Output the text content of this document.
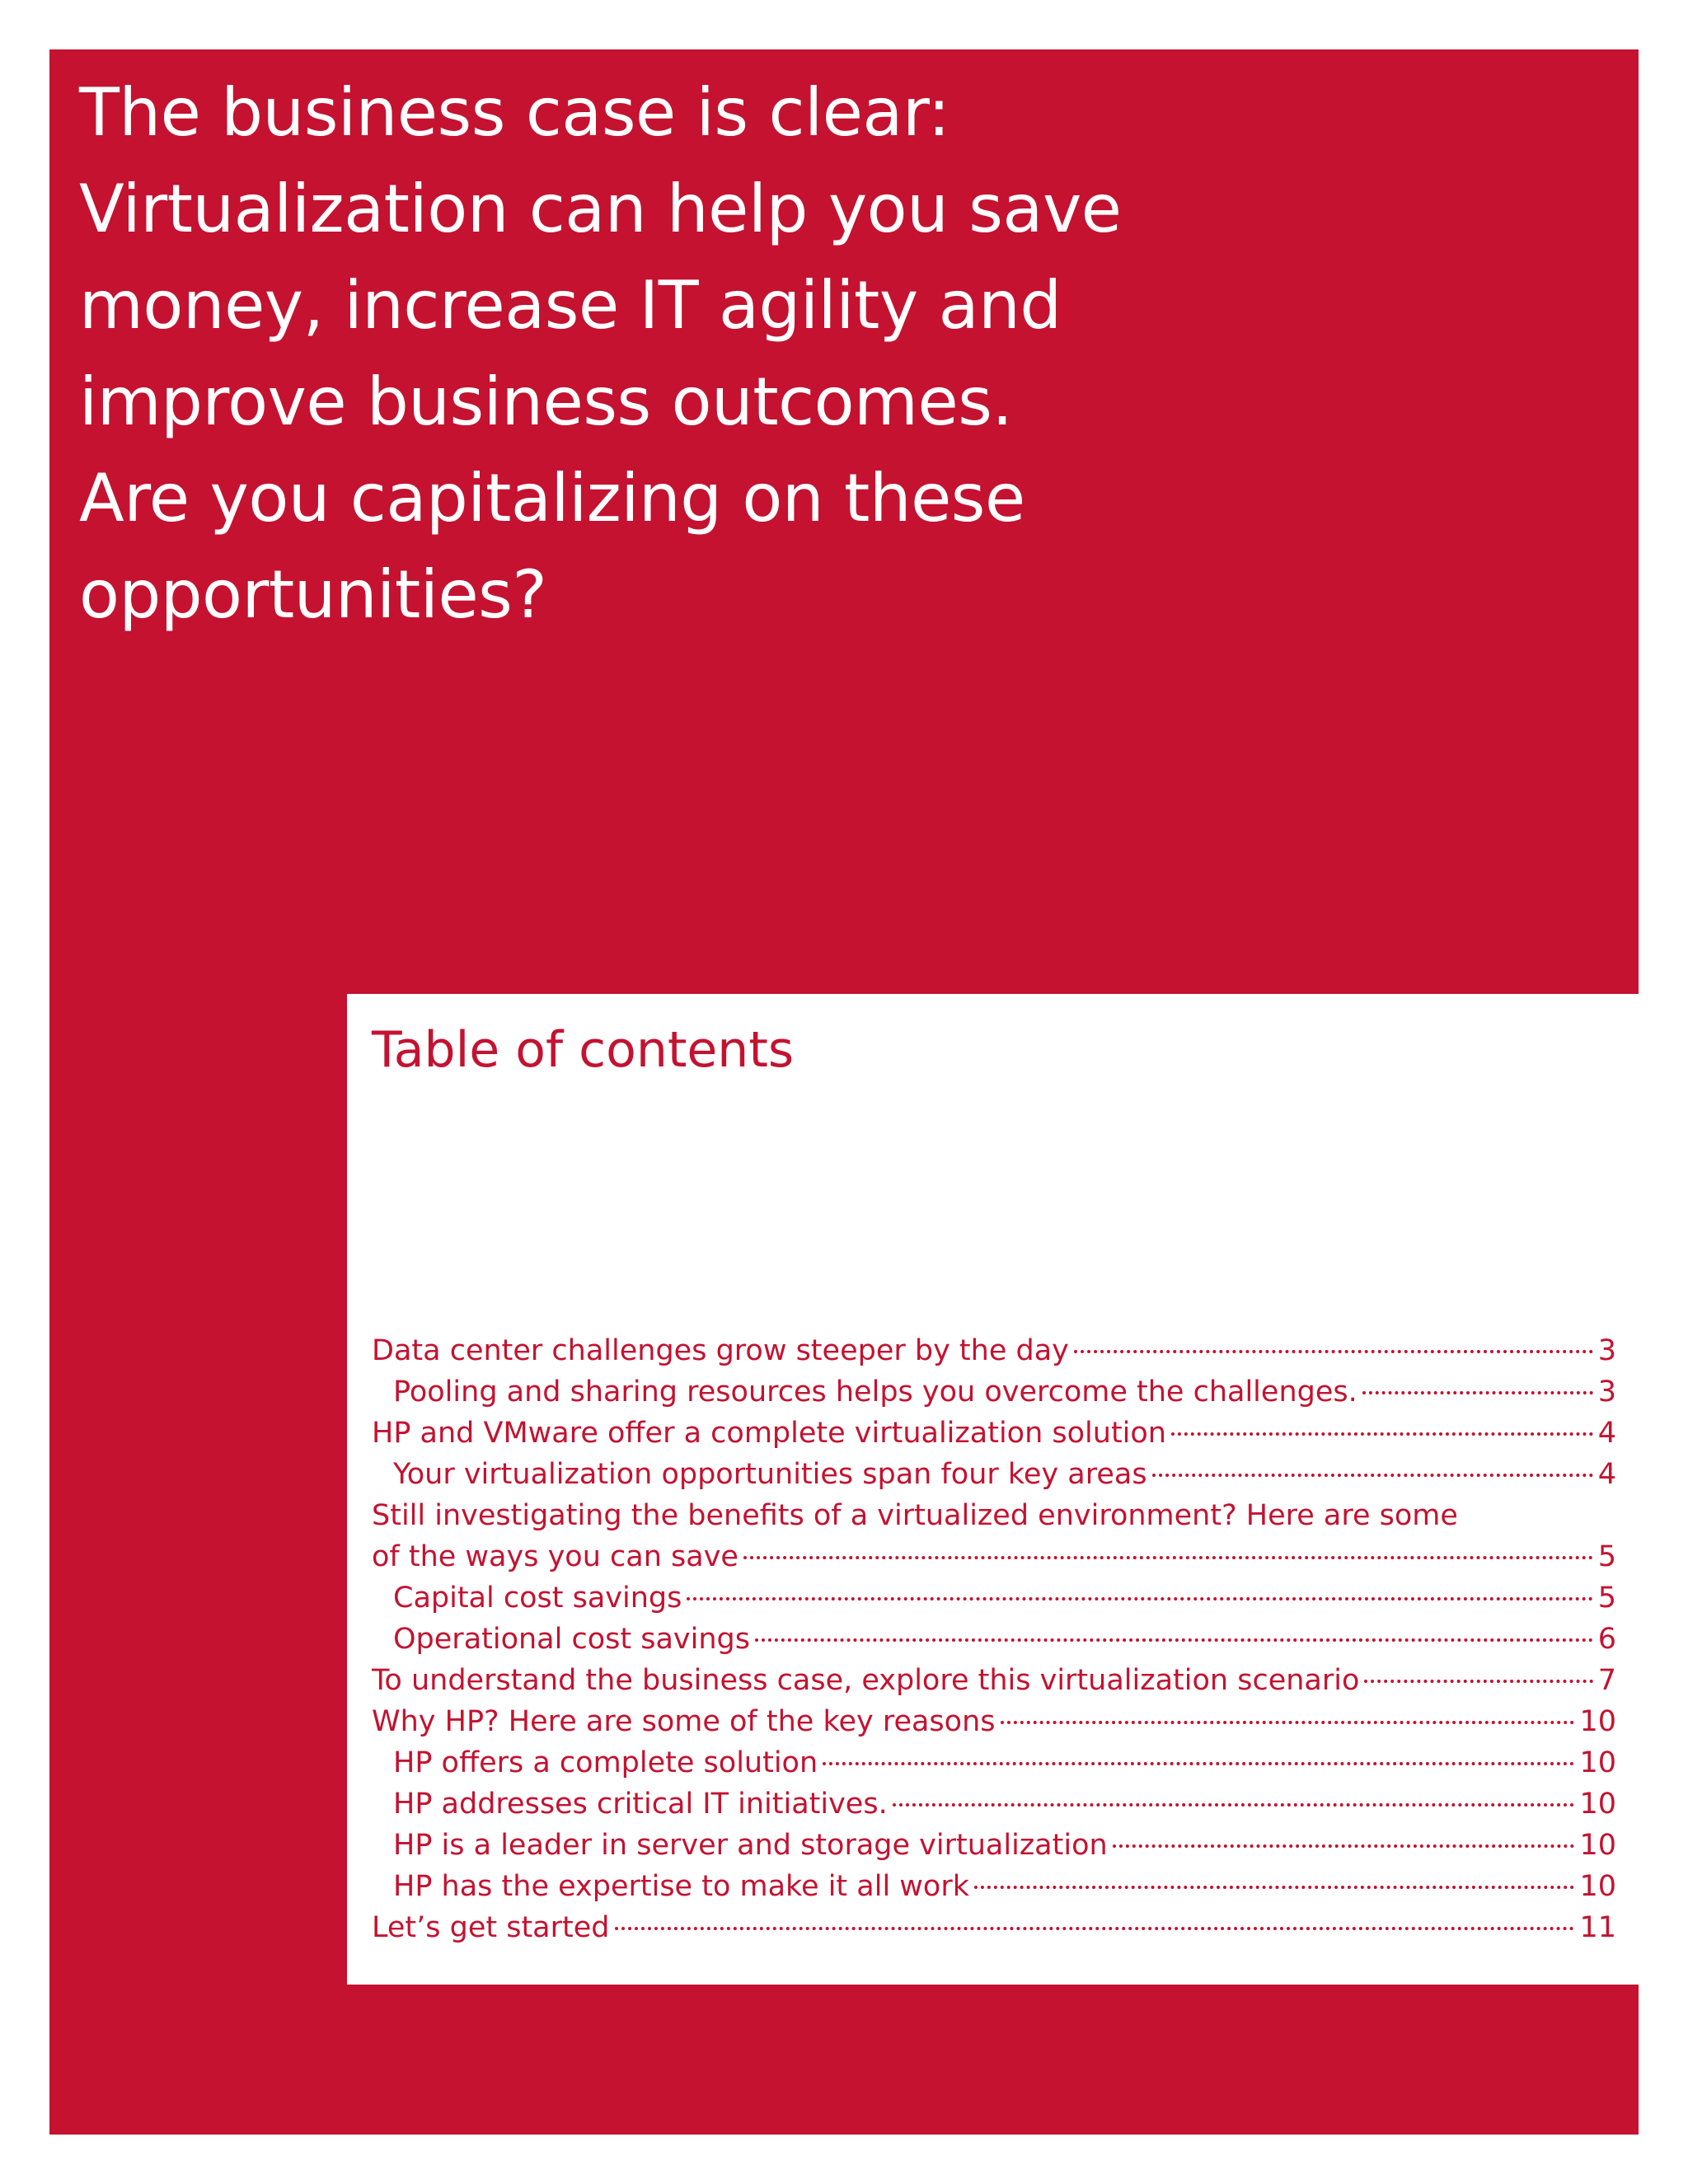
The business case is clear:
Virtualization can help you save
money, increase IT agility and
improve business outcomes.
Are you capitalizing on these
opportunities?
Table of contents
Data center challenges grow steeper by the day	3
Pooling and sharing resources helps you overcome the challenges.	3
HP and VMware offer a complete virtualization solution	4
Your virtualization opportunities span four key areas	4
Still investigating the benefits of a virtualized environment? Here are some
of the ways you can save	5
Capital cost savings	5
Operational cost savings	6
To understand the business case, explore this virtualization scenario	7
Why HP? Here are some of the key reasons	10
HP offers a complete solution	10
HP addresses critical IT initiatives.	10
HP is a leader in server and storage virtualization	10
HP has the expertise to make it all work	10
Let’s get started	11
